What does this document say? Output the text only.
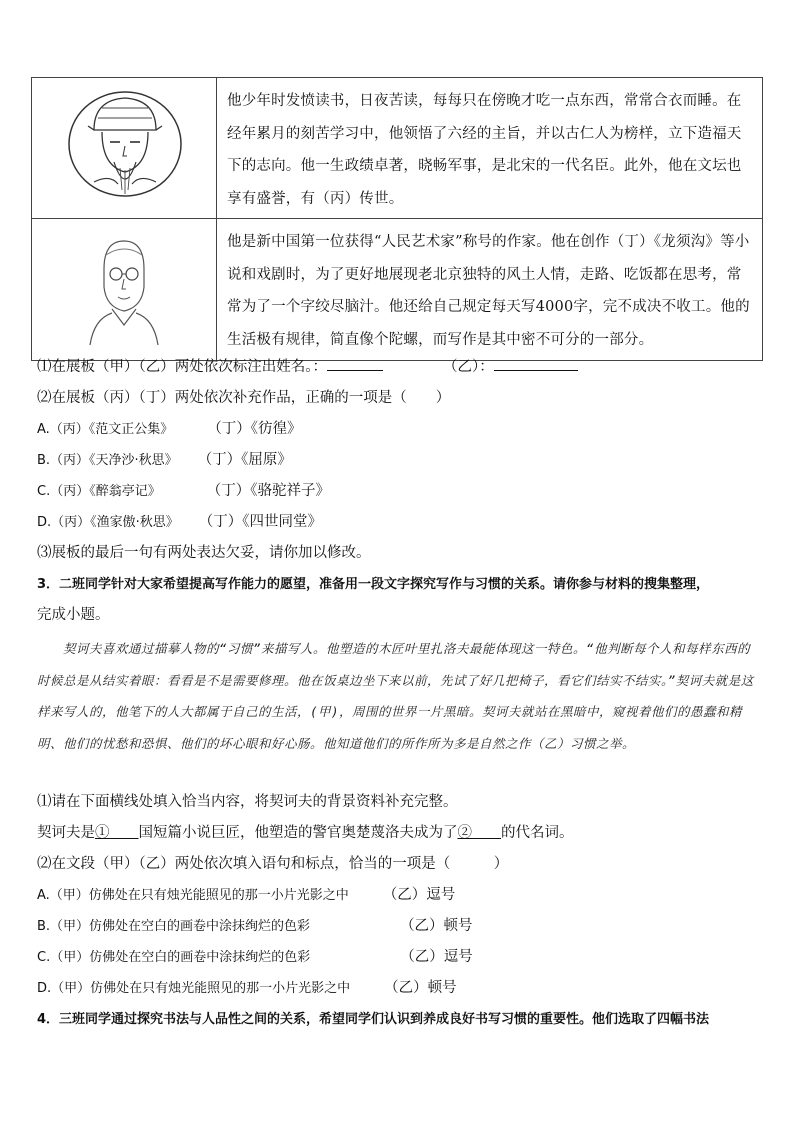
他少年时发愤读书，日夜苦读，每每只在傍晚才吃一点东西，常常合衣而睡。在经年累月的刻苦学习中，他领悟了六经的主旨，并以古仁人为榜样，立下造福天下的志向。他一生政绩卓著，晓畅军事，是北宋的一代名臣。此外，他在文坛也享有盛誉，有（丙）传世。

他是新中国第一位获得“人民艺术家”称号的作家。他在创作（丁）《龙须沟》等小说和戏剧时，为了更好地展现老北京独特的风土人情，走路、吃饭都在思考，常常为了一个字绞尽脑汁。他还给自己规定每天写4000字，完不成决不收工。他的生活极有规律，简直像个陀螺，而写作是其中密不可分的一部分。

⑴在展板（甲）（乙）两处依次标注出姓名。：	（乙）：
⑵在展板（丙）（丁）两处依次补充作品，正确的一项是（　　）
A.（丙）《范文正公集》 （丁）《彷徨》
B.（丙）《天净沙·秋思》 （丁）《屈原》
C.（丙）《醉翁亭记》	（丁）《骆驼祥子》
D.（丙）《渔家傲·秋思》 （丁）《四世同堂》
⑶展板的最后一句有两处表达欠妥，请你加以修改。
3．二班同学针对大家希望提高写作能力的愿望，准备用一段文字探究写作与习惯的关系。请你参与材料的搜集整理，
完成小题。

契诃夫喜欢通过描摹人物的“习惯”来描写人。他塑造的木匠叶里扎洛夫最能体现这一特色。“他判断每个人和每样东西的时候总是从结实着眼：看看是不是需要修理。他在饭桌边坐下来以前，先试了好几把椅子，看它们结实不结实。”契诃夫就是这样来写人的，他笔下的人大都属于自己的生活，(甲)，周围的世界一片黑暗。契诃夫就站在黑暗中，窥视着他们的愚蠢和精明、他们的忧愁和恐惧、他们的坏心眼和好心肠。他知道他们的所作所为多是自然之作（乙）习惯之举。

⑴请在下面横线处填入恰当内容，将契诃夫的背景资料补充完整。
契诃夫是①   国短篇小说巨匠，他塑造的警官奥楚蔑洛夫成为了②   的代名词。
⑵在文段（甲）（乙）两处依次填入语句和标点，恰当的一项是（　　　）
A.（甲）仿佛处在只有烛光能照见的那一小片光影之中 （乙）逗号
B.（甲）仿佛处在空白的画卷中涂抹绚烂的色彩	（乙）顿号
C.（甲）仿佛处在空白的画卷中涂抹绚烂的色彩	（乙）逗号
D.（甲）仿佛处在只有烛光能照见的那一小片光影之中 （乙）顿号
4．三班同学通过探究书法与人品性之间的关系，希望同学们认识到养成良好书写习惯的重要性。他们选取了四幅书法
